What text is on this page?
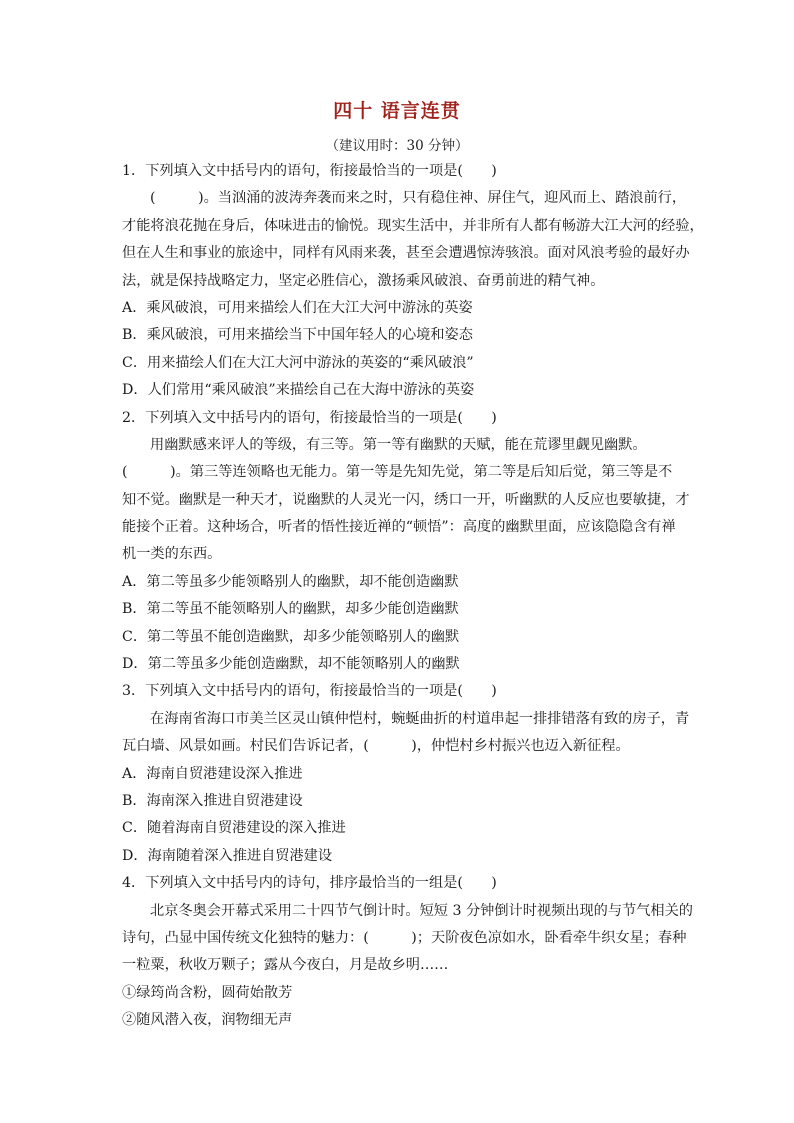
四十 语言连贯
（建议用时：30 分钟）
1．下列填入文中括号内的语句，衔接最恰当的一项是(　　)
(　　　)。当汹涌的波涛奔袭而来之时，只有稳住神、屏住气，迎风而上、踏浪前行，
才能将浪花抛在身后，体味进击的愉悦。现实生活中，并非所有人都有畅游大江大河的经验，
但在人生和事业的旅途中，同样有风雨来袭，甚至会遭遇惊涛骇浪。面对风浪考验的最好办
法，就是保持战略定力，坚定必胜信心，激扬乘风破浪、奋勇前进的精气神。
A．乘风破浪，可用来描绘人们在大江大河中游泳的英姿
B．乘风破浪，可用来描绘当下中国年轻人的心境和姿态
C．用来描绘人们在大江大河中游泳的英姿的“乘风破浪”
D．人们常用“乘风破浪”来描绘自己在大海中游泳的英姿
2．下列填入文中括号内的语句，衔接最恰当的一项是(　　)
用幽默感来评人的等级，有三等。第一等有幽默的天赋，能在荒谬里觑见幽默。
(　　　)。第三等连领略也无能力。第一等是先知先觉，第二等是后知后觉，第三等是不
知不觉。幽默是一种天才，说幽默的人灵光一闪，绣口一开，听幽默的人反应也要敏捷，才
能接个正着。这种场合，听者的悟性接近禅的“顿悟”：高度的幽默里面，应该隐隐含有禅
机一类的东西。
A．第二等虽多少能领略别人的幽默，却不能创造幽默
B．第二等虽不能领略别人的幽默，却多少能创造幽默
C．第二等虽不能创造幽默，却多少能领略别人的幽默
D．第二等虽多少能创造幽默，却不能领略别人的幽默
3．下列填入文中括号内的语句，衔接最恰当的一项是(　　)
在海南省海口市美兰区灵山镇仲恺村，蜿蜒曲折的村道串起一排排错落有致的房子，青
瓦白墙、风景如画。村民们告诉记者，(　　　)，仲恺村乡村振兴也迈入新征程。
A．海南自贸港建设深入推进
B．海南深入推进自贸港建设
C．随着海南自贸港建设的深入推进
D．海南随着深入推进自贸港建设
4．下列填入文中括号内的诗句，排序最恰当的一组是(　　)
北京冬奥会开幕式采用二十四节气倒计时。短短 3 分钟倒计时视频出现的与节气相关的
诗句，凸显中国传统文化独特的魅力：(　　　)；天阶夜色凉如水，卧看牵牛织女星；春种
一粒粟，秋收万颗子；露从今夜白，月是故乡明……
①绿筠尚含粉，圆荷始散芳
②随风潜入夜，润物细无声
